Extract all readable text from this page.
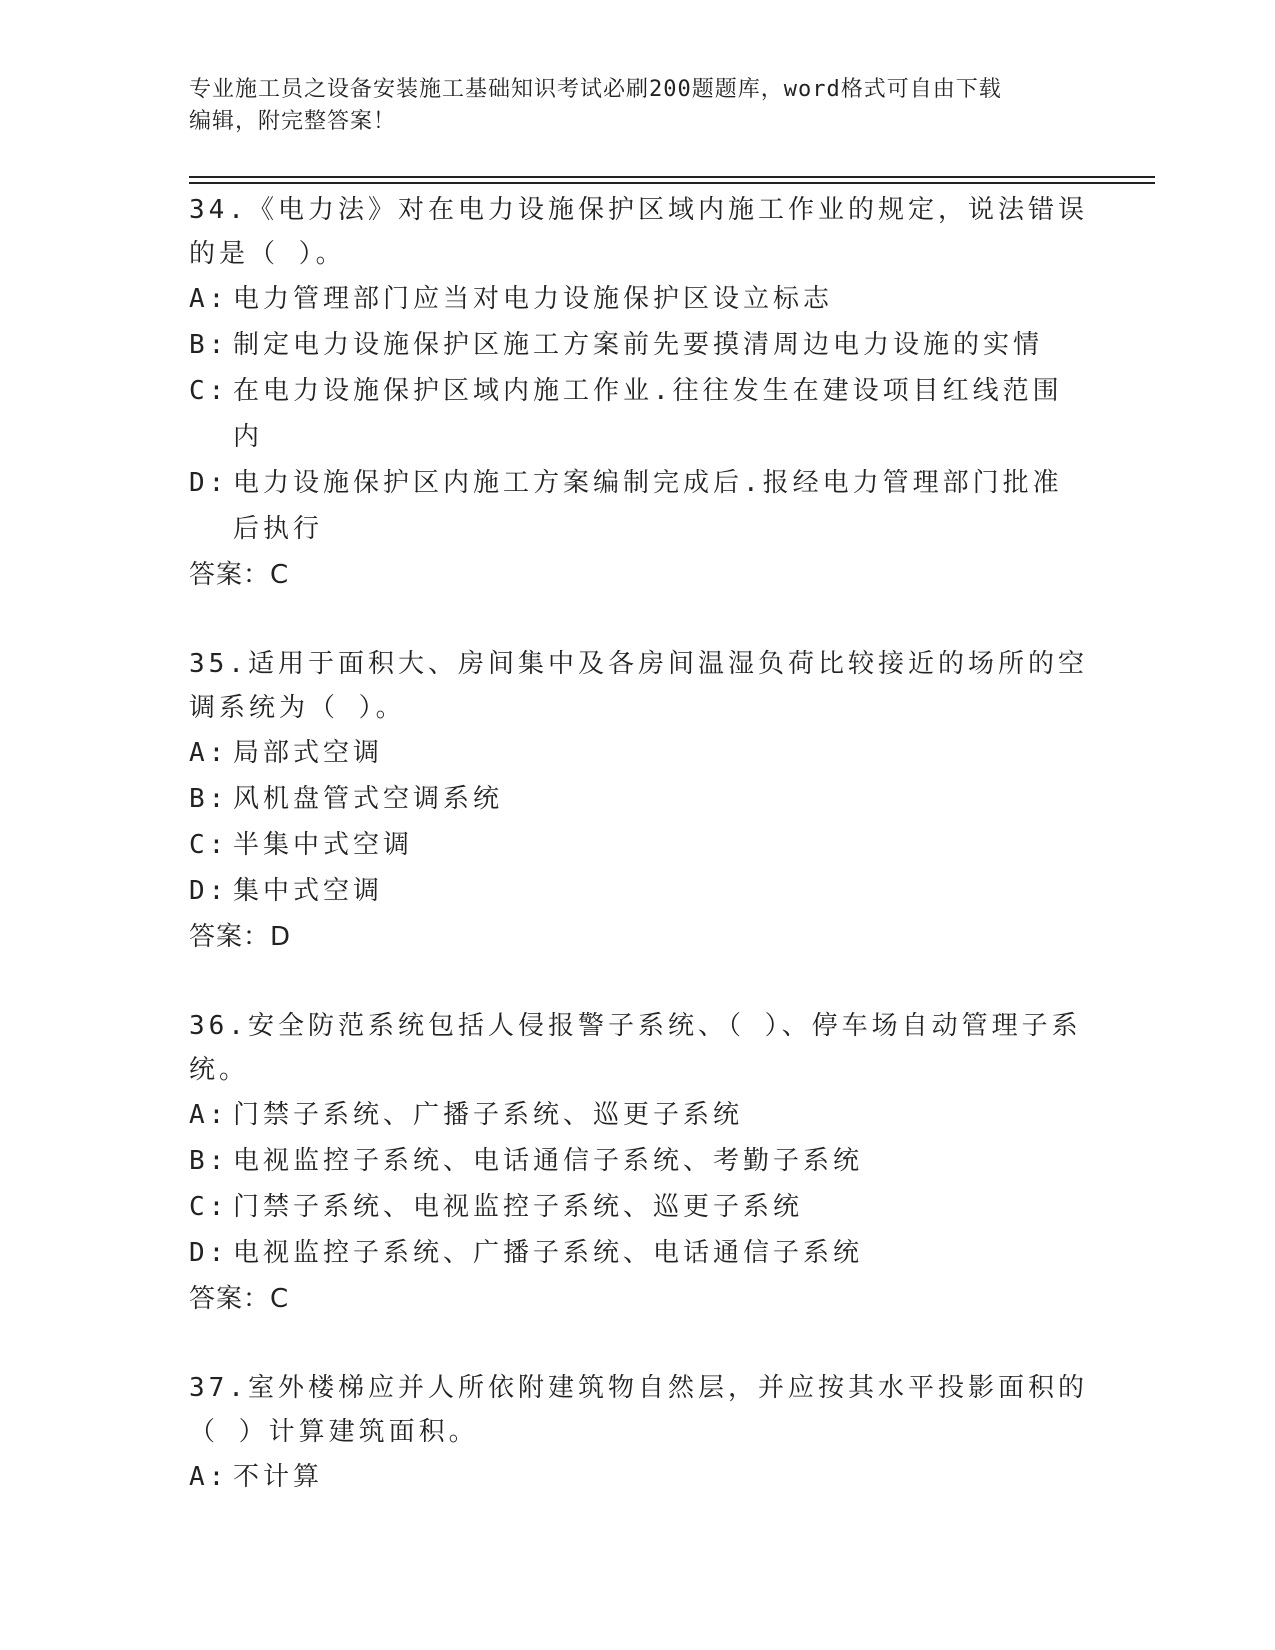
专业施工员之设备安装施工基础知识考试必刷200题题库，word格式可自由下载
编辑，附完整答案！

34.《电力法》对在电力设施保护区域内施工作业的规定，说法错误的是（ ）。

A: 电力管理部门应当对电力设施保护区设立标志
B: 制定电力设施保护区施工方案前先要摸清周边电力设施的实情
C: 在电力设施保护区域内施工作业.往往发生在建设项目红线范围内
D: 电力设施保护区内施工方案编制完成后.报经电力管理部门批准后执行

答案：C

35.适用于面积大、房间集中及各房间温湿负荷比较接近的场所的空调系统为（ ）。

A: 局部式空调
B: 风机盘管式空调系统
C: 半集中式空调
D: 集中式空调

答案：D

36.安全防范系统包括人侵报警子系统、（ ）、停车场自动管理子系统。

A: 门禁子系统、广播子系统、巡更子系统
B: 电视监控子系统、电话通信子系统、考勤子系统
C: 门禁子系统、电视监控子系统、巡更子系统
D: 电视监控子系统、广播子系统、电话通信子系统

答案：C

37.室外楼梯应并人所依附建筑物自然层，并应按其水平投影面积的（ ）计算建筑面积。

A: 不计算
